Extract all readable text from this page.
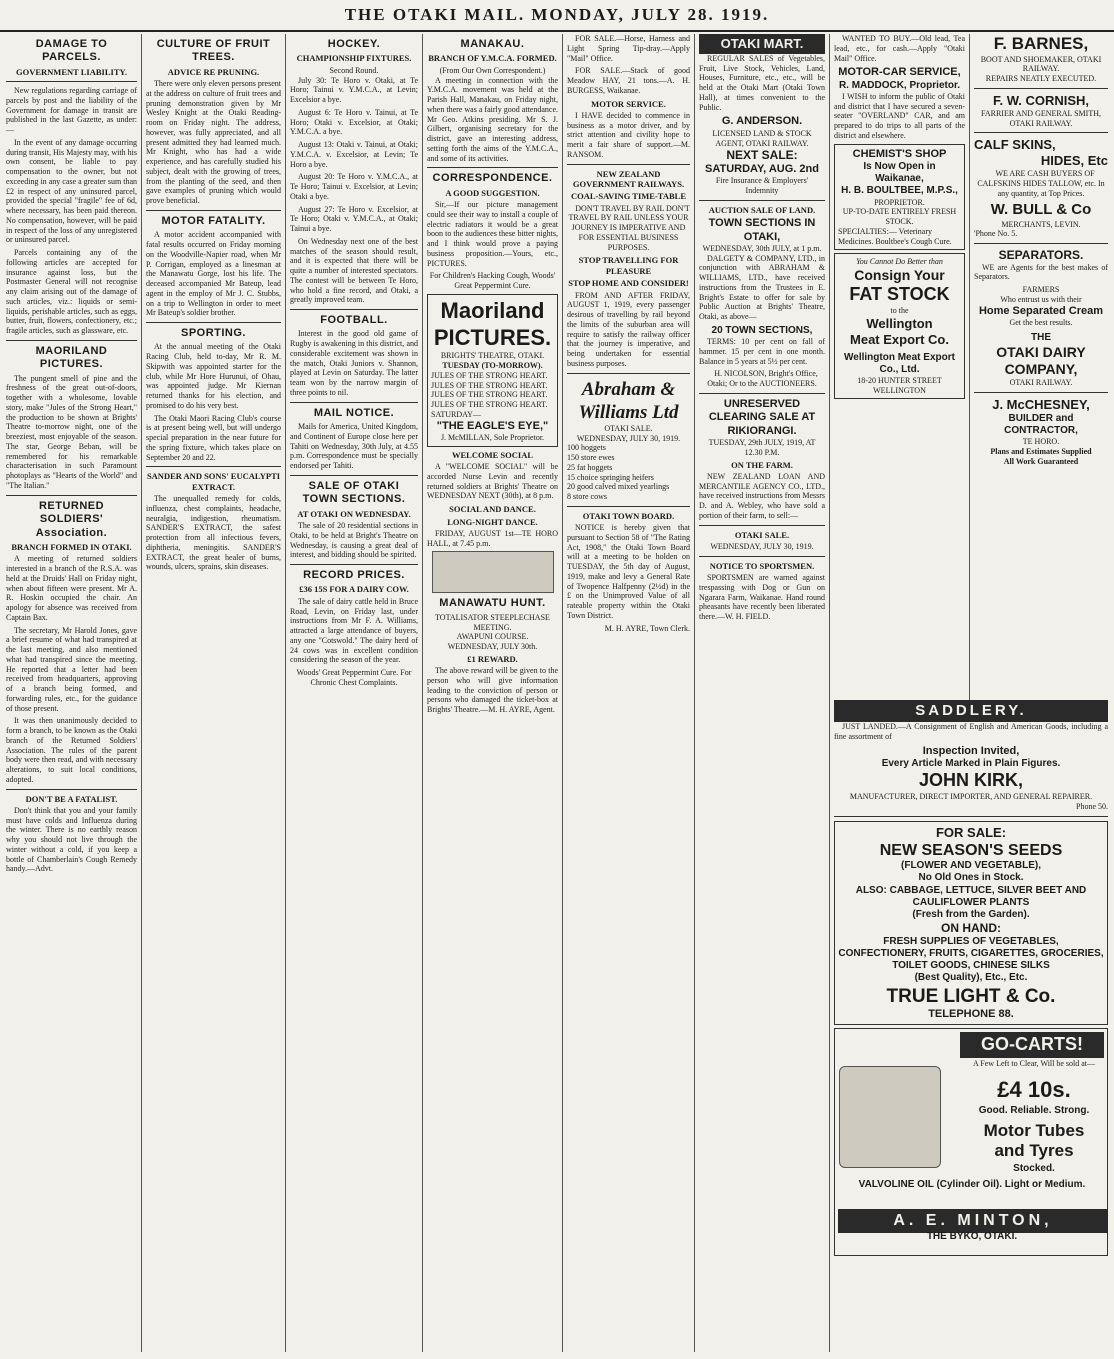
THE OTAKI MAIL. MONDAY, JULY 28. 1919.
DAMAGE TO PARCELS.
GOVERNMENT LIABILITY.

New regulations regarding carriage of parcels by post and the liability of the Government for damage in transit are published in the last Gazette, as under:—

In the event of any damage occurring during transit, His Majesty may, with his own consent, be liable to pay compensation to the owner, but not exceeding in any case a greater sum than £2 in respect of any uninsured parcel, provided the special "fragile" fee of 6d, where necessary, has been paid thereon. No compensation, however, will be paid in respect of the loss of any unregistered or uninsured parcel.

Parcels containing any of the following articles are accepted for insurance against loss, but the Postmaster General will not recognise any claim arising out of the damage of such articles, viz.: liquids or semi-liquids, perishable articles, such as eggs, butter, fruit, flowers, confectionery, etc.; fragile articles, such as glassware, etc.

MAORILAND PICTURES.

The pungent smell of pine and the freshness of the great out-of-doors, together with a wholesome, lovable story, make "Jules of the Strong Heart," the production to be shown at Brights' Theatre to-morrow night, one of the breeziest, most enjoyable of the season. The star, George Beban, will be remembered for his remarkable characterisation in such Paramount photoplays as "Hearts of the World" and "The Italian."

RETURNED SOLDIERS' Association.
BRANCH FORMED IN OTAKI.

A meeting of returned soldiers interested in a branch of the R.S.A. was held at the Druids' Hall on Friday night, when about fifteen were present. Mr A. R. Hoskin occupied the chair. An apology for absence was received from Captain Bax.

The secretary, Mr Harold Jones, gave a brief resume of what had transpired at the last meeting, and also mentioned what had transpired since the meeting. He reported that a letter had been received from headquarters, approving of a branch being formed, and forwarding rules, etc., for the guidance of those present.

It was then unanimously decided to form a branch, to be known as the Otaki branch of the Returned Soldiers' Association. The rules of the parent body were then read, and with necessary alterations, to suit local conditions, adopted.

DON'T BE A FATALIST.

Don't think that you and your family must have colds and Influenza during the winter. There is no earthly reason why you should not live through the winter without a cold, if you keep a bottle of Chamberlain's Cough Remedy handy.—Advt.

CULTURE OF FRUIT TREES.
ADVICE RE PRUNING.

There were only eleven persons present at the address on culture of fruit trees and pruning demonstration given by Mr Wesley Knight at the Otaki Reading-room on Friday night. The address, however, was fully appreciated, and all present admitted they had learned much. Mr Knight, who has had a wide experience, and has carefully studied his subject, dealt with the growing of trees, from the planting of the seed, and then gave examples of pruning which would prove beneficial.

MOTOR FATALITY.

A motor accident accompanied with fatal results occurred on Friday morning on the Woodville-Napier road, when Mr P. Corrigan, employed as a linesman at the Manawatu Gorge, lost his life. The deceased accompanied Mr Bateup, lead agent in the employ of Mr J. C. Stubbs, on a trip to Wellington in order to meet Mr Bateup's soldier brother.

SPORTING.

At the annual meeting of the Otaki Racing Club, held to-day, Mr R. M. Skipwith was appointed starter for the club, while Mr Hore Hurunui, of Ohau, was appointed judge. Mr Kiernan returned thanks for his election, and promised to do his very best.

The Otaki Maori Racing Club's course is at present being well, but will undergo special preparation in the near future for the spring fixture, which takes place on September 20 and 22.

SANDER AND SONS' EUCALYPTI EXTRACT.

The unequalled remedy for colds, influenza, chest complaints, headache, neuralgia, indigestion, rheumatism. SANDER'S EXTRACT, the safest protection from all infectious fevers, diphtheria, meningitis. SANDER'S EXTRACT, the great healer of burns, wounds, ulcers, sprains, skin diseases.

HOCKEY.
CHAMPIONSHIP FIXTURES.
Second Round.

July 30: Te Horo v. Otaki, at Te Horo; Tainui v. Y.M.C.A., at Levin; Excelsior a bye.

August 6: Te Horo v. Tainui, at Te Horo; Otaki v. Excelsior, at Otaki; Y.M.C.A. a bye.

August 13: Otaki v. Tainui, at Otaki; Y.M.C.A. v. Excelsior, at Levin; Te Horo a bye.

August 20: Te Horo v. Y.M.C.A., at Te Horo; Tainui v. Excelsior, at Levin; Otaki a bye.

August 27: Te Horo v. Excelsior, at Te Horo; Otaki v. Y.M.C.A., at Otaki; Tainui a bye.

On Wednesday next one of the best matches of the season should result, and it is expected that there will be quite a number of interested spectators. The contest will be between Te Horo, who hold a fine record, and Otaki, a greatly improved team.

FOOTBALL.

Interest in the good old game of Rugby is awakening in this district, and considerable excitement was shown in the match, Otaki Juniors v. Shannon, played at Levin on Saturday. The latter team won by the narrow margin of three points to nil.

MAIL NOTICE.

Mails for America, United Kingdom, and Continent of Europe close here per Tahiti on Wednesday, 30th July, at 4.55 p.m. Correspondence must be specially endorsed per Tahiti.

SALE OF OTAKI TOWN SECTIONS.
AT OTAKI ON WEDNESDAY.

The sale of 20 residential sections in Otaki, to be held at Bright's Theatre on Wednesday, is causing a great deal of interest, and bidding should be spirited.

RECORD PRICES.
£36 15S FOR A DAIRY COW.

The sale of dairy cattle held in Bruce Road, Levin, on Friday last, under instructions from Mr F. A. Williams, attracted a large attendance of buyers, any one "Cotswold." The dairy herd of 24 cows was in excellent condition considering the season of the year.

Woods' Great Peppermint Cure. For Chronic Chest Complaints.
MANAKAU.
BRANCH OF Y.M.C.A. FORMED.
(From Our Own Correspondent.)

A meeting in connection with the Y.M.C.A. movement was held at the Parish Hall, Manakau, on Friday night, when there was a fairly good attendance. Mr Geo. Atkins presiding. Mr S. J. Gilbert, organising secretary for the district, gave an interesting address, setting forth the aims of the Y.M.C.A., and some of its activities.

CORRESPONDENCE.
A GOOD SUGGESTION.

Sir,—If our picture management could see their way to install a couple of electric radiators it would be a great boon to the audiences these bitter nights, and I think would prove a paying business proposition.—Yours, etc., PICTURES.

For Children's Hacking Cough, Woods' Great Peppermint Cure.
Maoriland
PICTURES.
BRIGHTS' THEATRE, OTAKI.
TUESDAY (TO-MORROW).
JULES OF THE STRONG HEART.
JULES OF THE STRONG HEART.
JULES OF THE STRONG HEART.
JULES OF THE STRONG HEART.
SATURDAY—
"THE EAGLE'S EYE,"
J. McMILLAN, Sole Proprietor.
WELCOME SOCIAL

A "WELCOME SOCIAL" will be accorded Nurse Levin and recently returned soldiers at Brights' Theatre on WEDNESDAY NEXT (30th), at 8 p.m.

SOCIAL AND DANCE.
LONG-NIGHT DANCE.

FRIDAY, AUGUST 1st—TE HORO HALL, at 7.45 p.m.

MANAWATU HUNT.
TOTALISATOR STEEPLECHASE MEETING.
AWAPUNI COURSE.
WEDNESDAY, JULY 30th.
£1 REWARD.

The above reward will be given to the person who will give information leading to the conviction of person or persons who damaged the ticket-box at Brights' Theatre.—M. H. AYRE, Agent.

FOR SALE.—Horse, Harness and Light Spring Tip-dray.—Apply "Mail" Office.

FOR SALE.—Stack of good Meadow HAY, 21 tons.—A. H. BURGESS, Waikanae.

MOTOR SERVICE.

I HAVE decided to commence in business as a motor driver, and by strict attention and civility hope to merit a fair share of support.—M. RANSOM.

NEW ZEALAND GOVERNMENT RAILWAYS.
COAL-SAVING TIME-TABLE

DON'T TRAVEL BY RAIL DON'T TRAVEL BY RAIL UNLESS YOUR JOURNEY IS IMPERATIVE AND FOR ESSENTIAL BUSINESS PURPOSES.

STOP TRAVELLING FOR PLEASURE
STOP HOME AND CONSIDER!

FROM AND AFTER FRIDAY, AUGUST 1, 1919, every passenger desirous of travelling by rail beyond the limits of the suburban area will require to satisfy the railway officer that the journey is imperative, and being undertaken for essential business purposes.

Abraham &
Williams Ltd
OTAKI SALE.
WEDNESDAY, JULY 30, 1919.
100 hoggets
150 store ewes
25 fat hoggets
15 choice springing heifers
20 good calved mixed yearlings
8 store cows
OTAKI TOWN BOARD.

NOTICE is hereby given that pursuant to Section 58 of "The Rating Act, 1908," the Otaki Town Board will at a meeting to be holden on TUESDAY, the 5th day of August, 1919, make and levy a General Rate of Twopence Halfpenny (2½d) in the £ on the Unimproved Value of all rateable property within the Otaki Town District.

M. H. AYRE, Town Clerk.
OTAKI MART.

REGULAR SALES of Vegetables, Fruit, Live Stock, Vehicles, Land, Houses, Furniture, etc., etc., will be held at the Otaki Mart (Otaki Town Hall), at times convenient to the Public.

G. ANDERSON.
LICENSED LAND & STOCK AGENT, OTAKI RAILWAY.
NEXT SALE:
SATURDAY, AUG. 2nd
Fire Insurance & Employers' Indemnity
AUCTION SALE OF LAND.
TOWN SECTIONS IN OTAKI,
WEDNESDAY, 30th JULY, at 1 p.m.

DALGETY & COMPANY, LTD., in conjunction with ABRAHAM & WILLIAMS, LTD., have received instructions from the Trustees in E. Bright's Estate to offer for sale by Public Auction at Brights' Theatre, Otaki, as above—

20 TOWN SECTIONS,

TERMS: 10 per cent on fall of hammer. 15 per cent in one month. Balance in 5 years at 5½ per cent.

H. NICOLSON, Bright's Office, Otaki; Or to the AUCTIONEERS.

UNRESERVED CLEARING SALE AT RIKIORANGI.
TUESDAY, 29th JULY, 1919, AT 12.30 P.M.
ON THE FARM.

NEW ZEALAND LOAN AND MERCANTILE AGENCY CO., LTD., have received instructions from Messrs D. and A. Webley, who have sold a portion of their farm, to sell:—

OTAKI SALE.
WEDNESDAY, JULY 30, 1919.
NOTICE TO SPORTSMEN.

SPORTSMEN are warned against trespassing with Dog or Gun on Ngarara Farm, Waikanae. Hand round pheasants have recently been liberated there.—W. H. FIELD.

WANTED TO BUY.—Old lead, Tea lead, etc., for cash.—Apply "Otaki Mail" Office.

MOTOR-CAR SERVICE,
R. MADDOCK, Proprietor.

I WISH to inform the public of Otaki and district that I have secured a seven-seater "OVERLAND" CAR, and am prepared to do trips to all parts of the district and elsewhere.

CHEMIST'S SHOP
Is Now Open in Waikanae,
H. B. BOULTBEE, M.P.S.,
PROPRIETOR.
UP-TO-DATE ENTIRELY FRESH STOCK.
SPECIALTIES:— Veterinary Medicines. Boultbee's Cough Cure.
You Cannot Do Better than
Consign Your
FAT STOCK
to the
Wellington
Meat Export Co.
Wellington Meat Export Co., Ltd.
18-20 HUNTER STREET WELLINGTON
F. BARNES,
BOOT AND SHOEMAKER, OTAKI RAILWAY.
REPAIRS NEATLY EXECUTED.
F. W. CORNISH,
FARRIER AND GENERAL SMITH, OTAKI RAILWAY.
CALF SKINS,
HIDES, Etc

WE ARE CASH BUYERS OF CALFSKINS HIDES TALLOW, etc. In any quantity, at Top Prices.

W. BULL & Co
MERCHANTS, LEVIN.
'Phone No. 5.
SEPARATORS.

WE are Agents for the best makes of Separators.

FARMERS
Who entrust us with their
Home Separated Cream
Get the best results.
THE
OTAKI DAIRY
COMPANY,
OTAKI RAILWAY.
J. McCHESNEY,
BUILDER and CONTRACTOR,
TE HORO.
Plans and Estimates Supplied
All Work Guaranteed
SADDLERY.

JUST LANDED.—A Consignment of English and American Goods, including a fine assortment of

Inspection Invited,
Every Article Marked in Plain Figures.
JOHN KIRK,
MANUFACTURER, DIRECT IMPORTER, AND GENERAL REPAIRER.
Phone 50.
FOR SALE:
NEW SEASON'S SEEDS
(FLOWER AND VEGETABLE),
No Old Ones in Stock.
ALSO: CABBAGE, LETTUCE, SILVER BEET AND CAULIFLOWER PLANTS
(Fresh from the Garden).
ON HAND:
FRESH SUPPLIES OF VEGETABLES, CONFECTIONERY, FRUITS, CIGARETTES, GROCERIES, TOILET GOODS, CHINESE SILKS
(Best Quality), Etc., Etc.
TRUE LIGHT & Co.
TELEPHONE 88.
GO-CARTS!
A Few Left to Clear, Will be sold at—
£4 10s.
Good. Reliable. Strong.
Motor Tubes
and Tyres
Stocked.
VALVOLINE OIL (Cylinder Oil). Light or Medium.
A. E. MINTON,
THE BYKO, OTAKI.
